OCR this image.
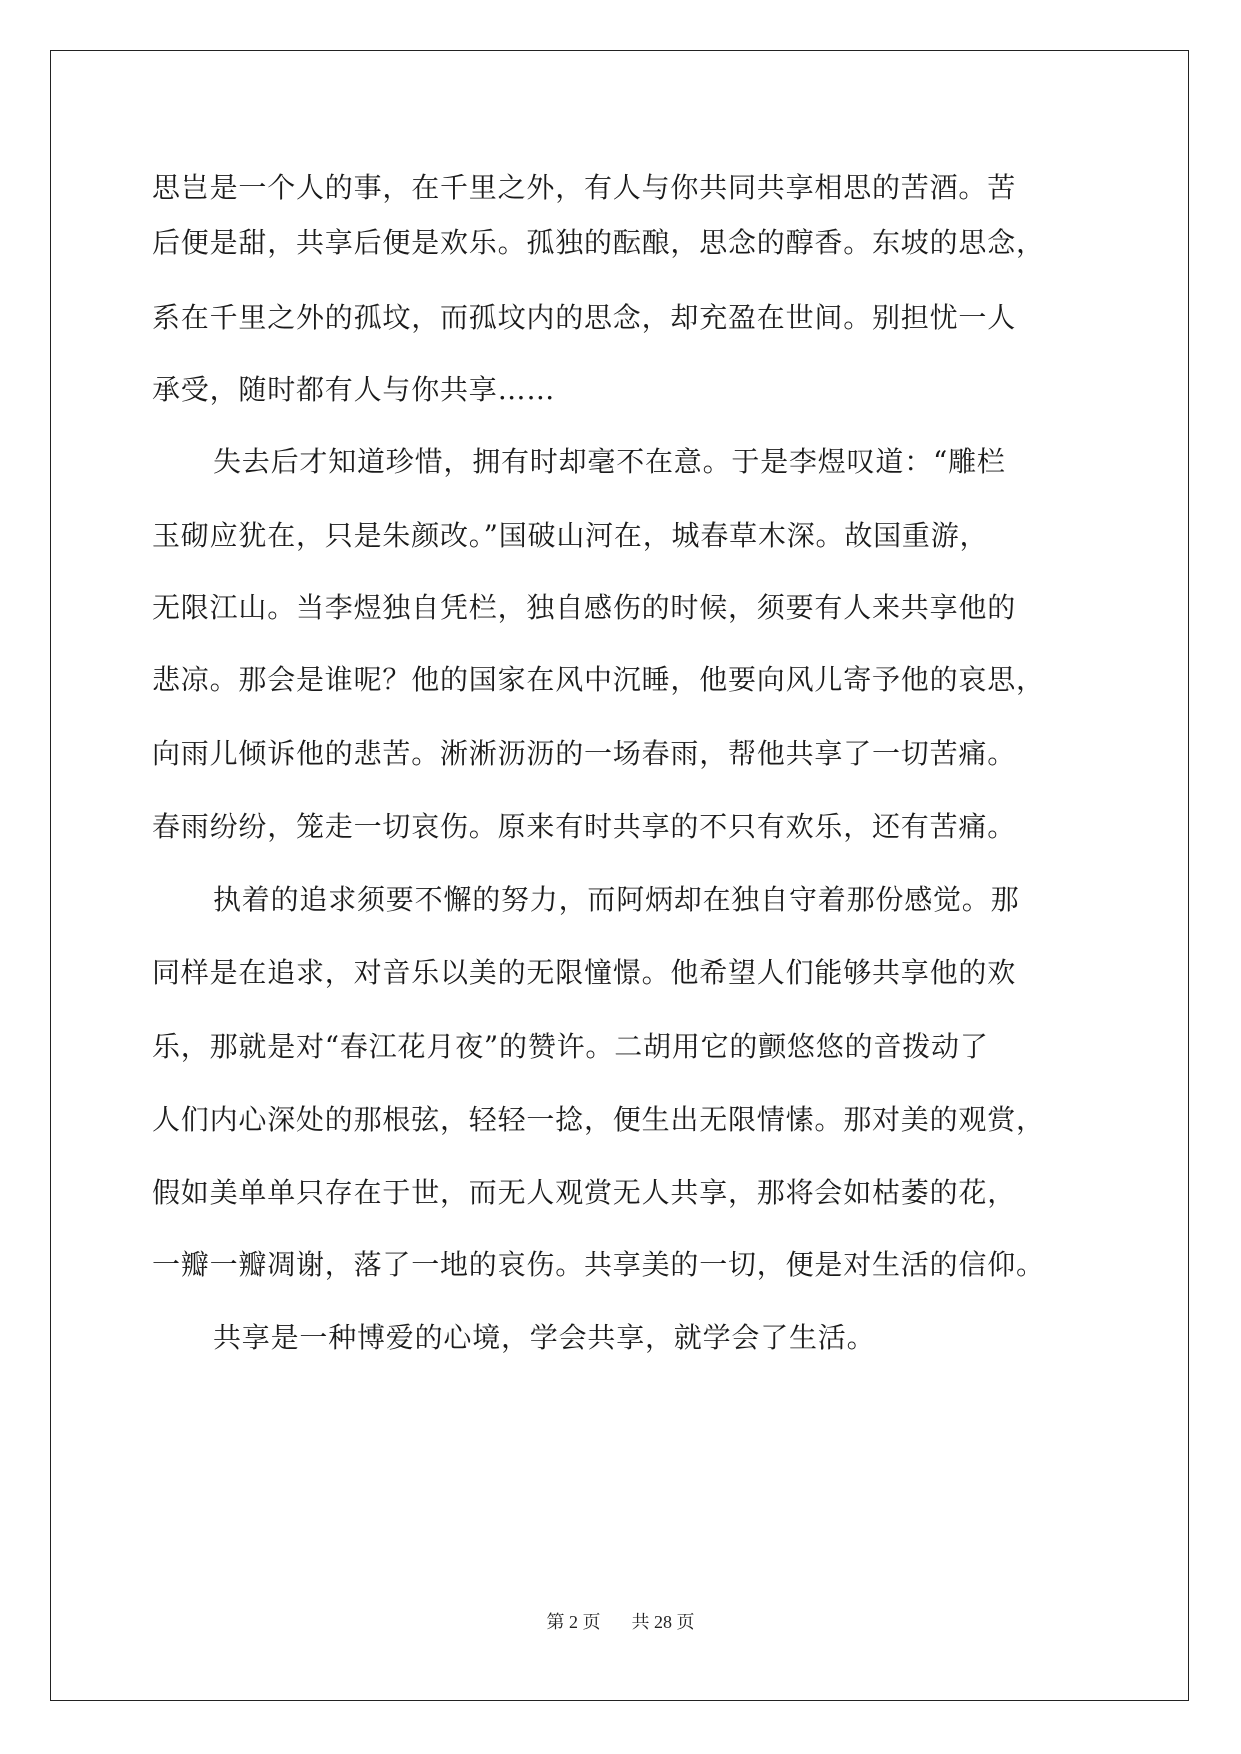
思岂是一个人的事，在千里之外，有人与你共同共享相思的苦酒。苦
后便是甜，共享后便是欢乐。孤独的酝酿，思念的醇香。东坡的思念，
系在千里之外的孤坟，而孤坟内的思念，却充盈在世间。别担忧一人
承受，随时都有人与你共享……
失去后才知道珍惜，拥有时却毫不在意。于是李煜叹道：“雕栏
玉砌应犹在，只是朱颜改。”国破山河在，城春草木深。故国重游，
无限江山。当李煜独自凭栏，独自感伤的时候，须要有人来共享他的
悲凉。那会是谁呢？他的国家在风中沉睡，他要向风儿寄予他的哀思，
向雨儿倾诉他的悲苦。淅淅沥沥的一场春雨，帮他共享了一切苦痛。
春雨纷纷，笼走一切哀伤。原来有时共享的不只有欢乐，还有苦痛。
执着的追求须要不懈的努力，而阿炳却在独自守着那份感觉。那
同样是在追求，对音乐以美的无限憧憬。他希望人们能够共享他的欢
乐，那就是对“春江花月夜”的赞许。二胡用它的颤悠悠的音拨动了
人们内心深处的那根弦，轻轻一捻，便生出无限情愫。那对美的观赏，
假如美单单只存在于世，而无人观赏无人共享，那将会如枯萎的花，
一瓣一瓣凋谢，落了一地的哀伤。共享美的一切，便是对生活的信仰。
共享是一种博爱的心境，学会共享，就学会了生活。
第 2 页 共 28 页
